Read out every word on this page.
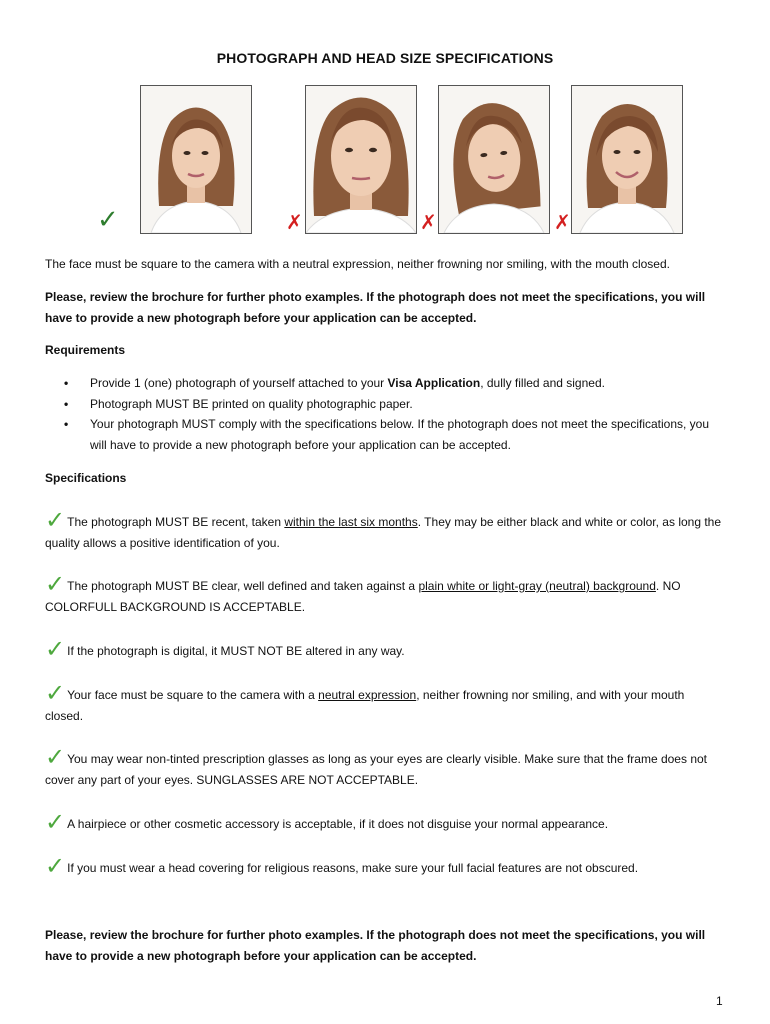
PHOTOGRAPH AND HEAD SIZE SPECIFICATIONS
✓	✗	✗	✗
The face must be square to the camera with a neutral expression, neither frowning nor smiling, with the mouth closed.
Please, review the brochure for further photo examples. If the photograph does not meet the specifications, you will have to provide a new photograph before your application can be accepted.
Requirements
• Provide 1 (one) photograph of yourself attached to your Visa Application, dully filled and signed.
• Photograph MUST BE printed on quality photographic paper.
• Your photograph MUST comply with the specifications below. If the photograph does not meet the specifications, you will have to provide a new photograph before your application can be accepted.
Specifications
✓ The photograph MUST BE recent, taken within the last six months. They may be either black and white or color, as long the quality allows a positive identification of you.
✓ The photograph MUST BE clear, well defined and taken against a plain white or light-gray (neutral) background. NO COLORFULL BACKGROUND IS ACCEPTABLE.
✓ If the photograph is digital, it MUST NOT BE altered in any way.
✓ Your face must be square to the camera with a neutral expression, neither frowning nor smiling, and with your mouth closed.
✓ You may wear non-tinted prescription glasses as long as your eyes are clearly visible. Make sure that the frame does not cover any part of your eyes. SUNGLASSES ARE NOT ACCEPTABLE.
✓ A hairpiece or other cosmetic accessory is acceptable, if it does not disguise your normal appearance.
✓ If you must wear a head covering for religious reasons, make sure your full facial features are not obscured.
Please, review the brochure for further photo examples. If the photograph does not meet the specifications, you will have to provide a new photograph before your application can be accepted.
1
